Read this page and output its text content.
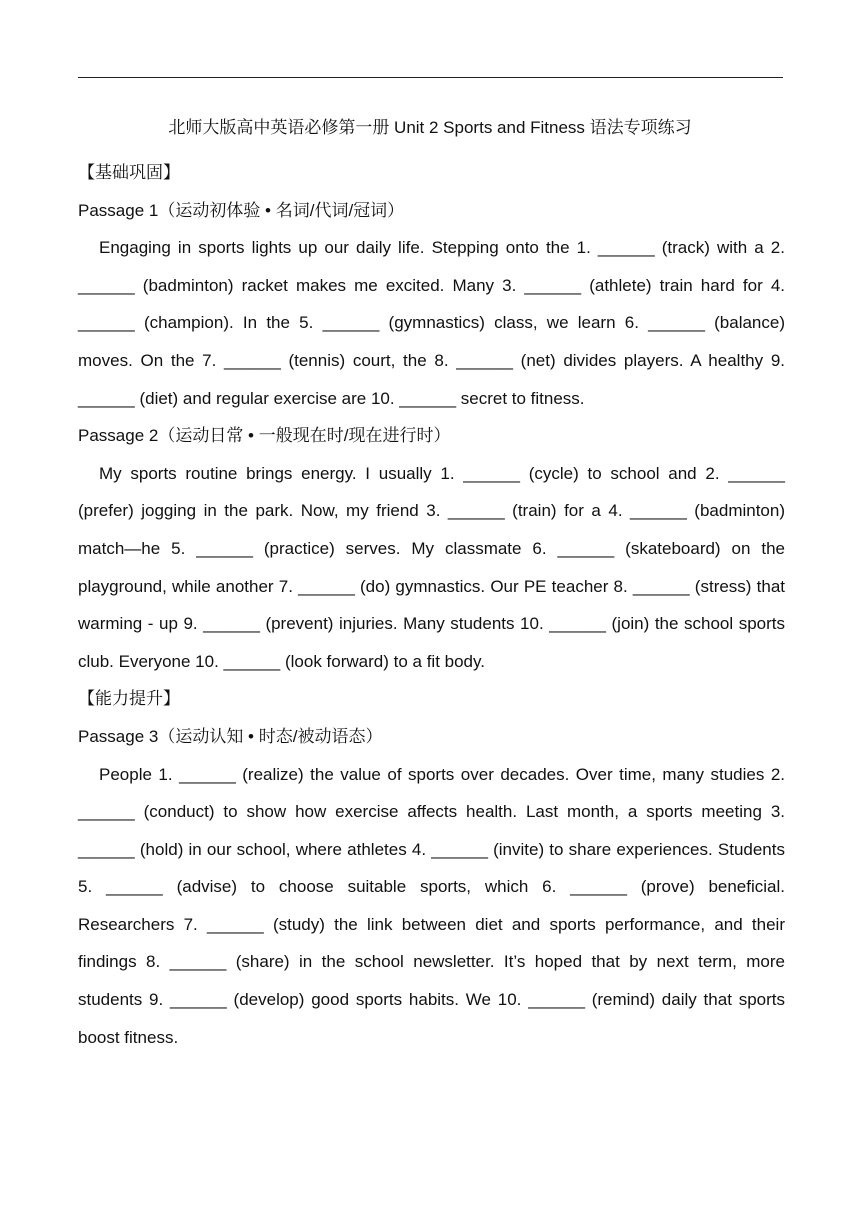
北师大版高中英语必修第一册 Unit 2 Sports and Fitness 语法专项练习
【基础巩固】
Passage 1（运动初体验 • 名词/代词/冠词）

Engaging in sports lights up our daily life. Stepping onto the 1. ______ (track) with a 2. ______ (badminton) racket makes me excited. Many 3. ______ (athlete) train hard for 4. ______ (champion). In the 5. ______ (gymnastics) class, we learn 6. ______ (balance) moves. On the 7. ______ (tennis) court, the 8. ______ (net) divides players. A healthy 9. ______ (diet) and regular exercise are 10. ______ secret to fitness.

Passage 2（运动日常 • 一般现在时/现在进行时）

My sports routine brings energy. I usually 1. ______ (cycle) to school and 2. ______ (prefer) jogging in the park. Now, my friend 3. ______ (train) for a 4. ______ (badminton) match—he 5. ______ (practice) serves. My classmate 6. ______ (skateboard) on the playground, while another 7. ______ (do) gymnastics. Our PE teacher 8. ______ (stress) that warming - up 9. ______ (prevent) injuries. Many students 10. ______ (join) the school sports club. Everyone 10. ______ (look forward) to a fit body.

【能力提升】
Passage 3（运动认知 • 时态/被动语态）

People 1. ______ (realize) the value of sports over decades. Over time, many studies 2. ______ (conduct) to show how exercise affects health. Last month, a sports meeting 3. ______ (hold) in our school, where athletes 4. ______ (invite) to share experiences. Students 5. ______ (advise) to choose suitable sports, which 6. ______ (prove) beneficial. Researchers 7. ______ (study) the link between diet and sports performance, and their findings 8. ______ (share) in the school newsletter. It’s hoped that by next term, more students 9. ______ (develop) good sports habits. We 10. ______ (remind) daily that sports boost fitness.
